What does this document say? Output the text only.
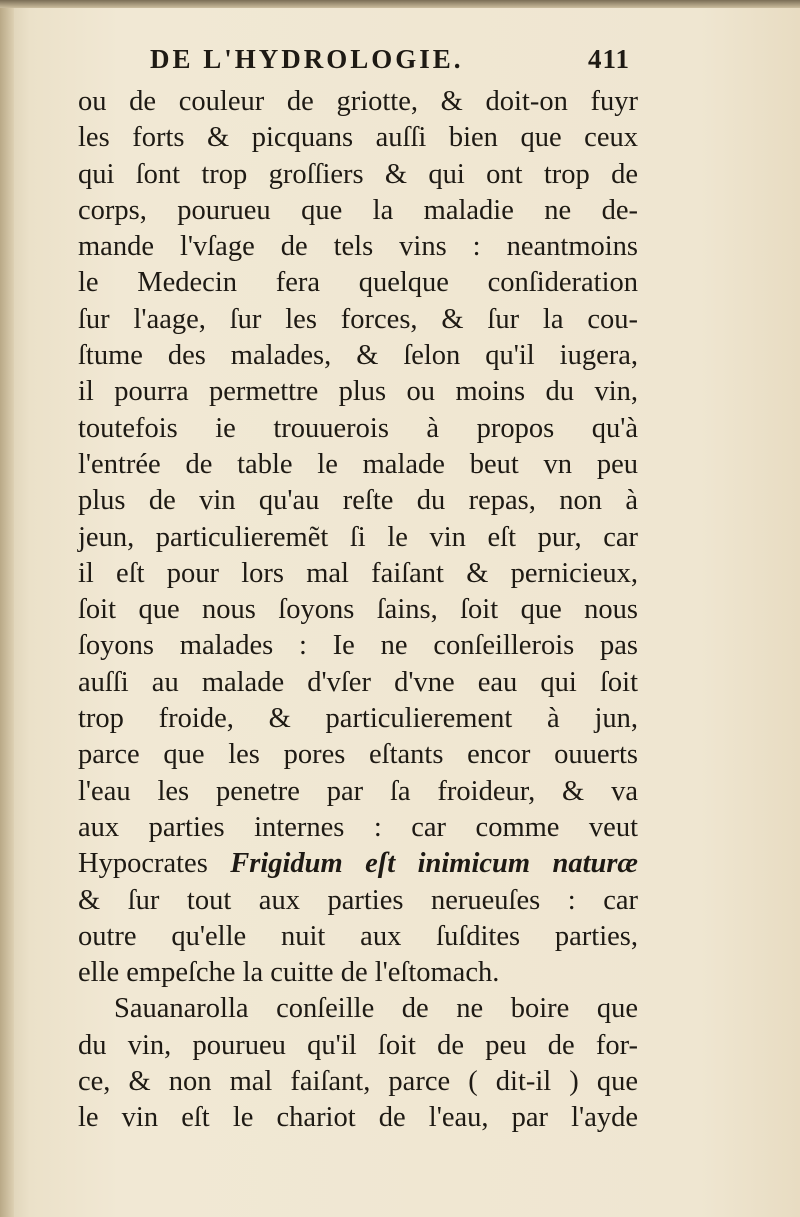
DE L'HYDROLOGIE.	411
ou de couleur de griotte, & doit-on fuyr
les forts & picquans auſſi bien que ceux
qui ſont trop groſſiers & qui ont trop de
corps, pourueu que la maladie ne de-
mande l'vſage de tels vins : neantmoins
le Medecin fera quelque conſideration
ſur l'aage, ſur les forces, & ſur la cou-
ſtume des malades, & ſelon qu'il iugera,
il pourra permettre plus ou moins du vin,
toutefois ie trouuerois à propos qu'à
l'entrée de table le malade beut vn peu
plus de vin qu'au reſte du repas, non à
jeun, particulieremẽt ſi le vin eſt pur, car
il eſt pour lors mal faiſant & pernicieux,
ſoit que nous ſoyons ſains, ſoit que nous
ſoyons malades : Ie ne conſeillerois pas
auſſi au malade d'vſer d'vne eau qui ſoit
trop froide, & particulierement à jun,
parce que les pores eſtants encor ouuerts
l'eau les penetre par ſa froideur, & va
aux parties internes : car comme veut
Hypocrates Frigidum eſt inimicum naturæ
& ſur tout aux parties nerueuſes : car
outre qu'elle nuit aux ſuſdites parties,
elle empeſche la cuitte de l'eſtomach.
Sauanarolla conſeille de ne boire que
du vin, pourueu qu'il ſoit de peu de for-
ce, & non mal faiſant, parce ( dit-il ) que
le vin eſt le chariot de l'eau, par l'ayde
